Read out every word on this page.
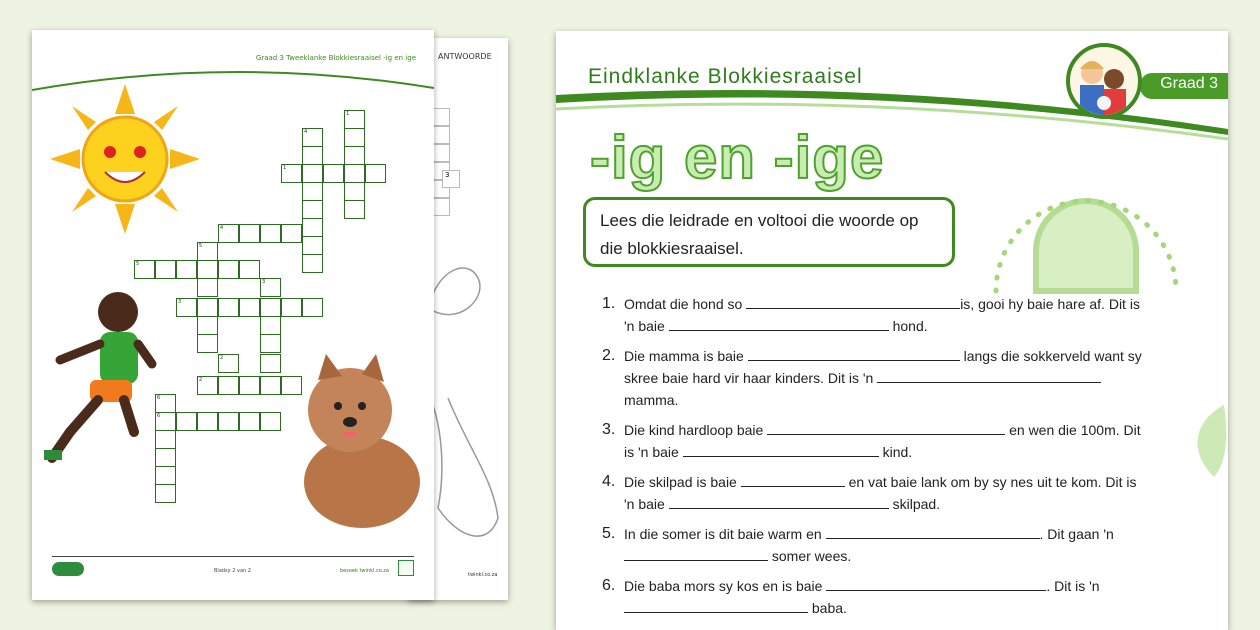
ANTWOORDE
3
twinkl.co.za
Graad 3 Tweeklanke Blokkiesraaisel -ig en ige
1
4
1
4
5
5
3
3
2
2
6
6
Bladsy 2 van 2	besoek twinkl.co.za
Eindklanke Blokkiesraaisel	Graad 3
-ig en -ige
Lees die leidrade en voltooi die woorde op die blokkiesraaisel.
1. Omdat die hond so	is, gooi hy baie hare af. Dit is
'n baie	hond.
2. Die mamma is baie	langs die sokkerveld want sy
skree baie hard vir haar kinders. Dit is 'n
mamma.
3. Die kind hardloop baie	en wen die 100m. Dit
is 'n baie	kind.
4. Die skilpad is baie	en vat baie lank om by sy nes uit te kom. Dit is
'n baie	skilpad.
5. In die somer is dit baie warm en	. Dit gaan 'n
somer wees.
6. Die baba mors sy kos en is baie	. Dit is 'n
baba.
